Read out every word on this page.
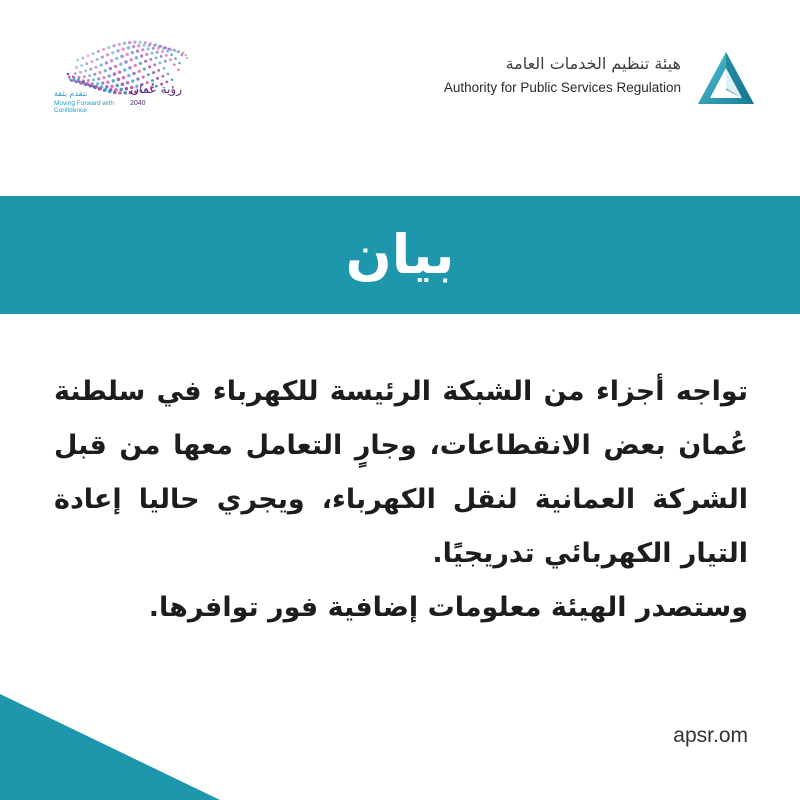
هيئة تنظيم الخدمات العامة
Authority for Public Services Regulation
رؤية عُمان
2040
نتقدم بثقة
Moving Forward with Confidence
بيان

تواجه أجزاء من الشبكة الرئيسة للكهرباء في سلطنة عُمان بعض الانقطاعات، وجارٍ التعامل معها من قبل الشركة العمانية لنقل الكهرباء، ويجري حاليا إعادة التيار الكهربائي تدريجيًا.

وستصدر الهيئة معلومات إضافية فور توافرها.

apsr.om
